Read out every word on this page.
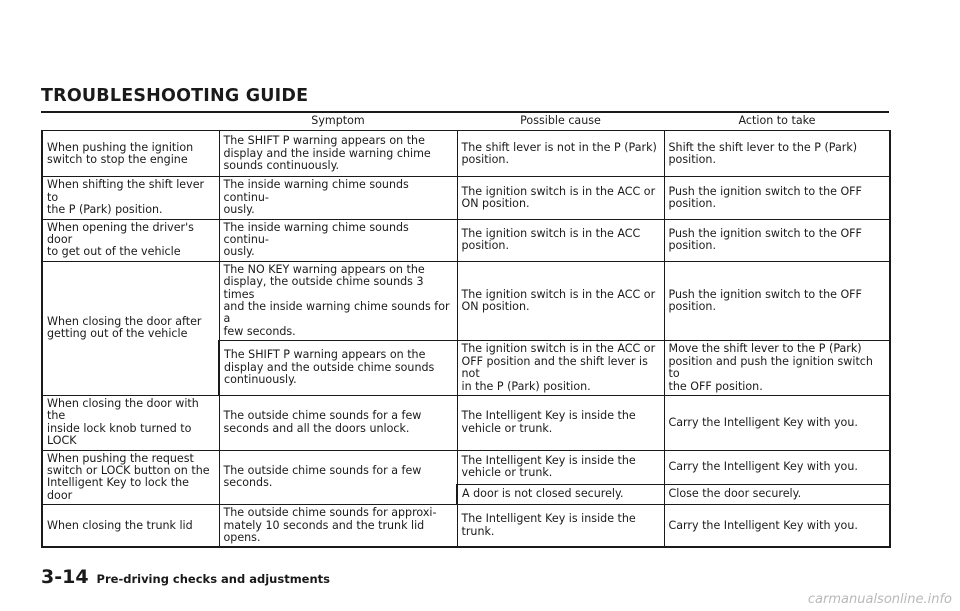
TROUBLESHOOTING GUIDE
	Symptom	Possible cause	Action to take
When pushing the ignition
switch to stop the engine	The SHIFT P warning appears on the
display and the inside warning chime
sounds continuously.	The shift lever is not in the P (Park)
position.	Shift the shift lever to the P (Park)
position.
When shifting the shift lever to
the P (Park) position.	The inside warning chime sounds continu-
ously.	The ignition switch is in the ACC or
ON position.	Push the ignition switch to the OFF
position.
When opening the driver's door
to get out of the vehicle	The inside warning chime sounds continu-
ously.	The ignition switch is in the ACC
position.	Push the ignition switch to the OFF
position.
When closing the door after
getting out of the vehicle	The NO KEY warning appears on the
display, the outside chime sounds 3 times
and the inside warning chime sounds for a
few seconds.	The ignition switch is in the ACC or
ON position.	Push the ignition switch to the OFF
position.
	The SHIFT P warning appears on the
display and the outside chime sounds
continuously.	The ignition switch is in the ACC or
OFF position and the shift lever is not
in the P (Park) position.	Move the shift lever to the P (Park)
position and push the ignition switch to
the OFF position.
When closing the door with the
inside lock knob turned to
LOCK	The outside chime sounds for a few
seconds and all the doors unlock.	The Intelligent Key is inside the
vehicle or trunk.	Carry the Intelligent Key with you.
When pushing the request
switch or LOCK button on the
Intelligent Key to lock the door	The outside chime sounds for a few
seconds.	The Intelligent Key is inside the
vehicle or trunk.	Carry the Intelligent Key with you.
		A door is not closed securely.	Close the door securely.
When closing the trunk lid	The outside chime sounds for approxi-
mately 10 seconds and the trunk lid opens.	The Intelligent Key is inside the trunk.	Carry the Intelligent Key with you.
3-14 Pre-driving checks and adjustments
carmanualsonline.info
